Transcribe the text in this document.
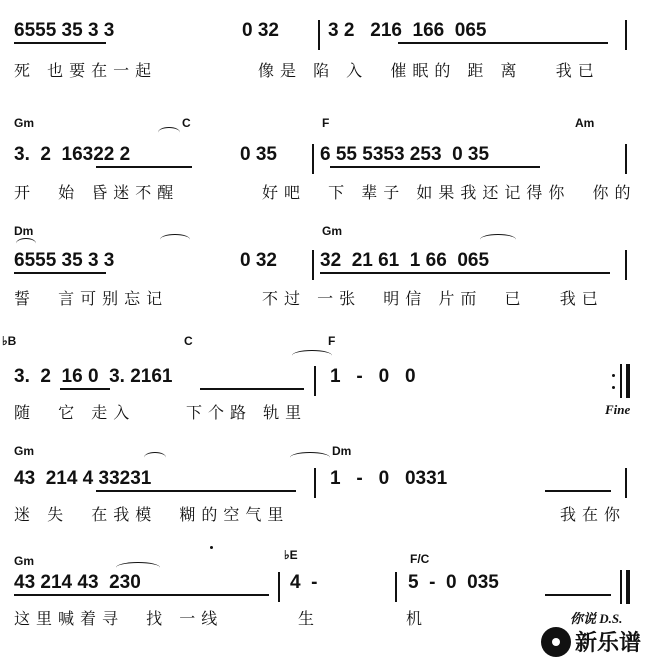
6555 35 3 3	0 32	3 2   216  166  065
死 也要在一起	像是 陷 入  催眠的 距 离   我已
Gm	C	F	Am
3.  2  16322 2	0 35 6 55 5353 253  0 35
开  始 昏迷不醒	好吧  下 辈子 如果我还记得你  你的
Dm	Gm
6555 35 3 3	0 32 32  21 61  1 66  065
誓  言可别忘记	不过 一张  明信 片而  已   我已
♭B	C	F
3.  2  16 0  3. 2161	1   -   0   0
随  它 走入	下个路 轨里	Fine
Gm	Dm
43  214 4 33231	1   -   0   0331
迷 失  在我模  糊的空气里	我在你
Gm	♭E	F/C
43 214 43  230	4  -	5  -  0  035
这里喊着寻  找 一线	生	机	你说 D.S.
新乐谱
